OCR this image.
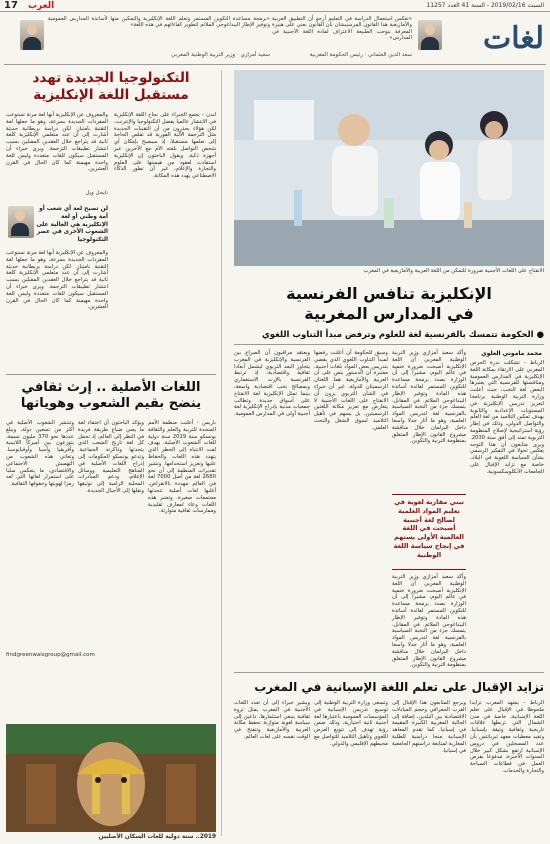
17 العرب	السبت 2019/02/16 - السنة 41 العدد 11257
لغات
«نعكس استعمال الدراسة في التعليم أرجو أن التطبيق العربية والأمازيغية هدا القانون المرسيبشان بأن القانون بعني على هيبرة المعرفة يتوجب الطبيعة الاعتراف لمادة اللغة الأجنبية في المدارس»
سعد الدين العثماني · رئيس الحكومة المغربية
«برمجة مساعدة التكوين المستمر وتعلم اللغة الإنكليزية والتمكين منها لأساتذة المدارس العمومية وتوفير الإطار البيداغوجي الملائم لتطوير كفاءاتهم في هذه اللغة»
سعيد أمزازي · وزير التربية الوطنية المغربي
الانفتاح على اللغات الأجنبية ضرورة للتمكن من اللغة العربية والأمازيغية في المغرب
الإنكليزية تنافس الفرنسية
في المدارس المغربية
● الحكومة تتمسك بالفرنسية لغة للعلوم وترفض مبدأ التناوب اللغوي
محمد ماموني العلوي
الرباط - تشكلت ندرة الحرص المغربي على الارتقاء بمكانة اللغة الإنكليزية في المدارس العمومية ومنافستها للفرنسية التي يعتبرها البعض لغة النخب، حيث أعلنت وزارة التربية الوطنية برنامجا لتعزيز تدريس الإنكليزية في المستويات الإعدادية والثانوية بهدف تمكين التلاميذ من لغة العلم والتواصل الدولي، وذلك في إطار رؤية استراتيجية لإصلاح المنظومة التربوية تمتد إلى أفق سنة 2030. ويرى متابعون أن هذا التوجه يعكس تحولا في التفكير الرسمي بشأن السياسة اللغوية في البلاد، خاصة مع تزايد الإقبال على الجامعات الأنكلوسكسونية.
وأكد سعيد أمزازي وزير التربية الوطنية المغربي أن اللغة الإنكليزية أصبحت ضرورة حتمية في عالم اليوم، مشيرا إلى أن الوزارة بصدد برمجة مساعدة للتكوين المستمر لفائدة أساتذة هذه المادة وتوفير الإطار البيداغوجي الملائم. في المقابل، يتمسك جزء من النخبة السياسية بالفرنسية لغة لتدريس المواد العلمية، وهو ما أثار جدلا واسعا داخل البرلمان خلال مناقشة مشروع القانون الإطار المتعلق بمنظومة التربية والتكوين.
وسبق للحكومة أن أعلنت رفضها لمبدأ التناوب اللغوي الذي يقضي بتدريس بعض المواد بلغات أجنبية، معتبرة أن الدستور ينص على أن العربية والأمازيغية هما اللغتان الرسميتان للدولة. غير أن خبراء في الشأن التربوي يرون أن الانفتاح على اللغات الأجنبية لا يتعارض مع تعزيز مكانة اللغتين الرسميتين، بل يسهم في تأهيل التلاميذ لسوق الشغل والبحث العلمي.
ويعتقد مراقبون أن الصراع بين الفرنسية والإنكليزية في المغرب يتجاوز البعد التربوي ليشمل أبعادا ثقافية واقتصادية، إذ ترتبط الفرنسية بالإرث الاستعماري وبمصالح نخب اقتصادية واسعة، بينما تمثل الإنكليزية لغة الانفتاح على أسواق جديدة. وتطالب جمعيات مدنية بإدراج الإنكليزية لغة أجنبية أولى في المدارس العمومية.
تبني مقاربة لغوية في تعليم المواد العلمية لصالح لغة أجنبية أصبحت في اللغة العالمية الأولى يستهم في إنجاح سياسة اللغة الوطنية
وأكد سعيد أمزازي وزير التربية الوطنية المغربي أن اللغة الإنكليزية أصبحت ضرورة حتمية في عالم اليوم، مشيرا إلى أن الوزارة بصدد برمجة مساعدة للتكوين المستمر لفائدة أساتذة هذه المادة وتوفير الإطار البيداغوجي الملائم. في المقابل، يتمسك جزء من النخبة السياسية بالفرنسية لغة لتدريس المواد العلمية، وهو ما أثار جدلا واسعا داخل البرلمان خلال مناقشة مشروع القانون الإطار المتعلق بمنظومة التربية والتكوين.
التكنولوجيا الجديدة تهدد
مستقبل اللغة الإنكليزية
لندن - يجمع الخبراء على نجاح اللغة الإنكليزية في الانتشار عالميا بفضل التكنولوجيا والإنترنت، لكن هؤلاء يحذرون من أن التقنيات الجديدة مثل الترجمة الآلية الفورية قد تقلص الحاجة إلى تعلمها مستقبلا، إذ سيصبح بإمكان أي شخص التواصل بلغته الأم مع الآخرين عبر أجهزة ذكية. ويقول الباحثون إن الإنكليزية استفادت لعقود من هيمنتها على العلوم والتجارة والإعلام، غير أن تطور الذكاء الاصطناعي يهدد هذه المكانة.
والمعروف عن الإنكليزية أنها لغة مرنة تستوعب المفردات الجديدة بسرعة، وهو ما جعلها لغة التقنية بامتياز. لكن دراسة بريطانية حديثة أشارت إلى أن عدد متعلمي الإنكليزية كلغة ثانية قد يتراجع خلال العقدين المقبلين بسبب انتشار تطبيقات الترجمة. ويرى خبراء أن المستقبل سيكون للغات متعددة وليس للغة واحدة مهيمنة كما كان الحال في القرن العشرين.
لن تصبح لغة أي شعب أو أمة وطني أو لغة الإنكليزية هي الغالبة على الشعوب الأخرى في عصر التكنولوجيا
نايجل ويل
والمعروف عن الإنكليزية أنها لغة مرنة تستوعب المفردات الجديدة بسرعة، وهو ما جعلها لغة التقنية بامتياز. لكن دراسة بريطانية حديثة أشارت إلى أن عدد متعلمي الإنكليزية كلغة ثانية قد يتراجع خلال العقدين المقبلين بسبب انتشار تطبيقات الترجمة. ويرى خبراء أن المستقبل سيكون للغات متعددة وليس للغة واحدة مهيمنة كما كان الحال في القرن العشرين.
اللغات الأصلية .. إرث ثقافي
ينضح بقيم الشعوب وهوياتها
باريس - أعلنت منظمة الأمم المتحدة للتربية والعلم والثقافة يونسكو سنة 2019 سنة دولية للغات الشعوب الأصلية، بهدف لفت الانتباه إلى الخطر الذي يتهدد هذه اللغات والحفاظ عليها وتعزيز استخدامها. وتشير تقديرات المنظمة إلى أن نحو 2680 لغة من أصل 7000 لغة في العالم مهددة بالانقراض، أغلبها لغات أصلية تتحدثها مجتمعات صغيرة. وتعتبر هذه اللغات وعاء لمعارف تقليدية وممارسات ثقافية متوارثة.
ويؤكد الباحثون أن اختفاء لغة ما يعني ضياع طريقة فريدة في النظر إلى العالم، إذ تحمل كل لغة تاريخ الشعب الذي يتحدثها وذاكرته الجماعية. وتدعو يونسكو الحكومات إلى إدراج اللغات الأصلية في المناهج التعليمية ووسائل الإعلام، ودعم المبادرات المحلية الرامية إلى توثيقها ونقلها إلى الأجيال الجديدة.
وتنتشر الشعوب الأصلية في أكثر من تسعين دولة، ويبلغ عددها نحو 370 مليون نسمة، يتوزعون بين أميركا اللاتينية وأفريقيا وآسيا وأوقيانوسيا. وتعاني هذه الشعوب من التهميش الاجتماعي والاقتصادي، ما ينعكس سلبا على استمرار لغاتها التي تُعد رمزا لهويتها وحقوقها الثقافية.
findgreenwaisgroup@gmail.com
2019.. سنة دولية للغات السكان الأصليين
تزايد الإقبال على تعلم اللغة الإسبانية في المغرب
الرباط - يشهد المغرب تزايدا ملحوظا في الإقبال على تعلم اللغة الإسبانية، خاصة في مدن الشمال التي تربطها علاقات تاريخية وثقافية وثيقة بإسبانيا. وتفيد معطيات معهد ثيربانتس بأن عدد المسجلين في دروس الإسبانية ارتفع بشكل كبير خلال السنوات الأخيرة، مدفوعا بفرص العمل في قطاعات السياحة والتجارة والخدمات.
ويرجع المتابعون هذا الإقبال إلى القرب الجغرافي وحجم المبادلات الاقتصادية بين البلدين، إضافة إلى الجالية المغربية الكبيرة المقيمة في إسبانيا. كما تقدم المعاهد الإسبانية منحا دراسية للطلبة المغاربة لمتابعة دراستهم الجامعية في إسبانيا.
وتسعى وزارة التربية الوطنية إلى توسيع تدريس الإسبانية في المؤسسات العمومية باعتبارها لغة أجنبية ثانية اختيارية، وذلك ضمن رؤية تهدف إلى تنويع العرض اللغوي وتأهيل التلاميذ للتواصل مع محيطهم الإقليمي والدولي.
ويشير خبراء إلى أن تعدد اللغات الأجنبية في المغرب يمثل ثروة ثقافية ينبغي استثمارها، داعين إلى سياسة لغوية متوازنة تحفظ مكانة العربية والأمازيغية وتنفتح في الوقت نفسه على لغات العالم.
